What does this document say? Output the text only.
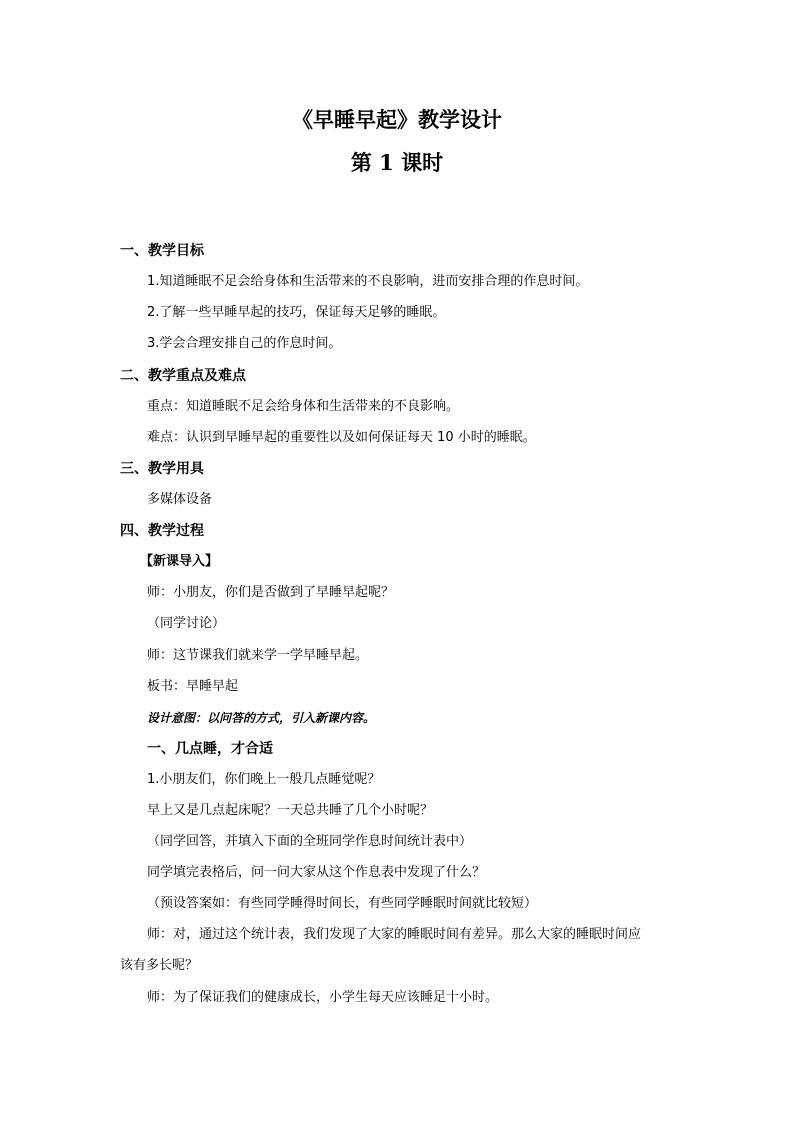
《早睡早起》教学设计
第 1 课时
一、教学目标
1.知道睡眠不足会给身体和生活带来的不良影响，进而安排合理的作息时间。
2.了解一些早睡早起的技巧，保证每天足够的睡眠。
3.学会合理安排自己的作息时间。
二、教学重点及难点
重点：知道睡眠不足会给身体和生活带来的不良影响。
难点：认识到早睡早起的重要性以及如何保证每天 10 小时的睡眠。
三、教学用具
多媒体设备
四、教学过程
【新课导入】
师：小朋友，你们是否做到了早睡早起呢？
（同学讨论）
师：这节课我们就来学一学早睡早起。
板书：早睡早起
设计意图：以问答的方式，引入新课内容。
一、几点睡，才合适
1.小朋友们，你们晚上一般几点睡觉呢？
早上又是几点起床呢？一天总共睡了几个小时呢？
（同学回答，并填入下面的全班同学作息时间统计表中）
同学填完表格后，问一问大家从这个作息表中发现了什么？
（预设答案如：有些同学睡得时间长，有些同学睡眠时间就比较短）
师：对，通过这个统计表，我们发现了大家的睡眠时间有差异。那么大家的睡眠时间应
该有多长呢？
师：为了保证我们的健康成长，小学生每天应该睡足十小时。
